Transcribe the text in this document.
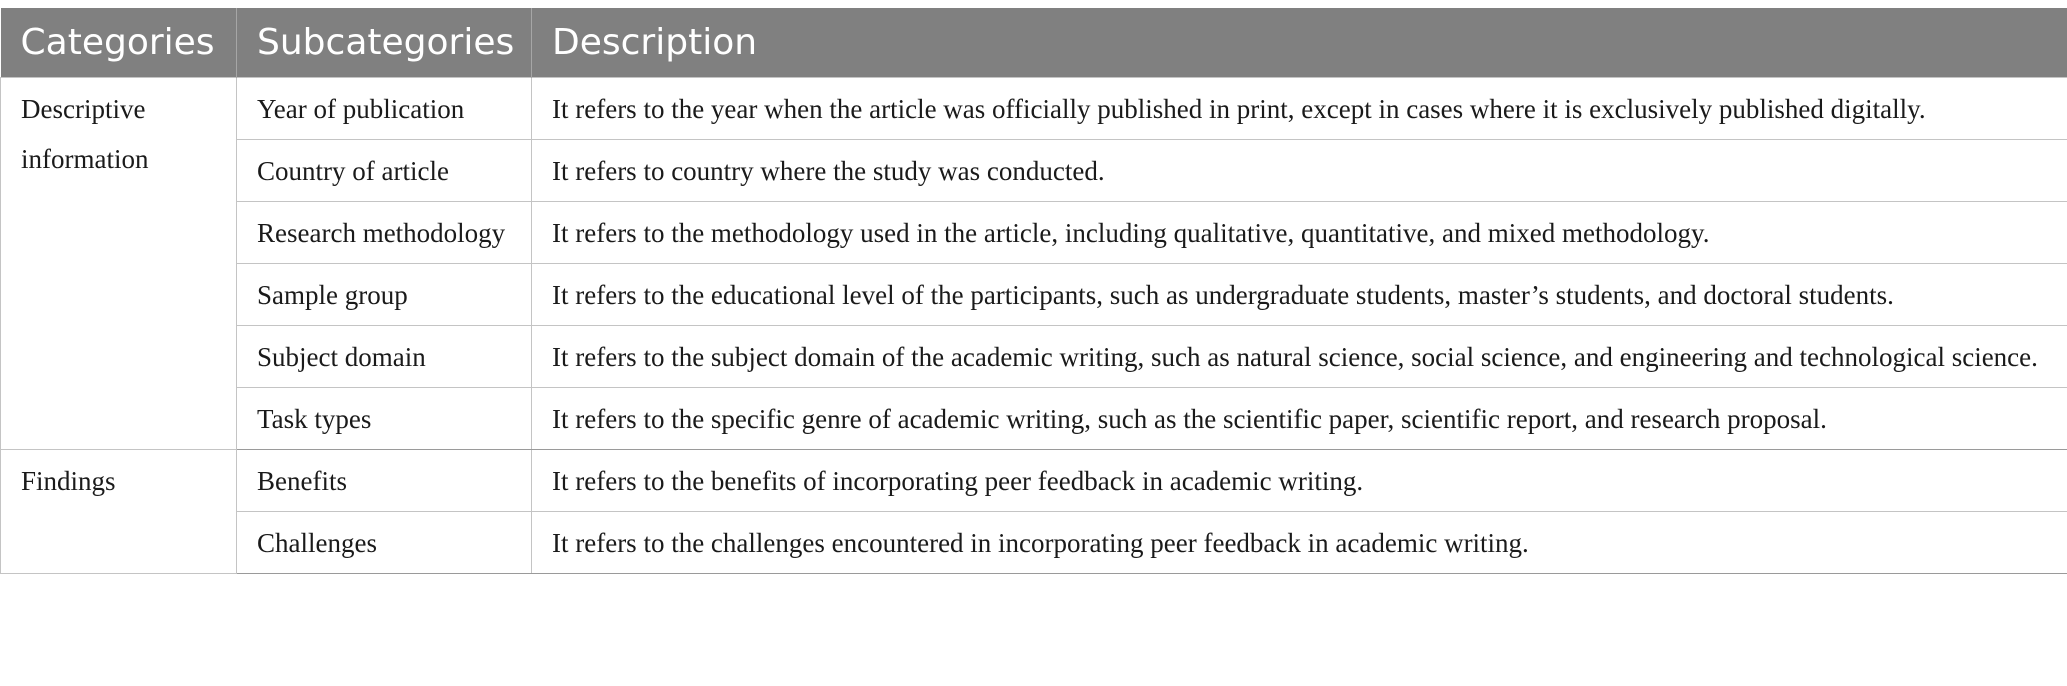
Categories	Subcategories	Description
Descriptive information	Year of publication	It refers to the year when the article was officially published in print, except in cases where it is exclusively published digitally.
	Country of article	It refers to country where the study was conducted.
	Research methodology	It refers to the methodology used in the article, including qualitative, quantitative, and mixed methodology.
	Sample group	It refers to the educational level of the participants, such as undergraduate students, master’s students, and doctoral students.
	Subject domain	It refers to the subject domain of the academic writing, such as natural science, social science, and engineering and technological science.
	Task types	It refers to the specific genre of academic writing, such as the scientific paper, scientific report, and research proposal.
Findings	Benefits	It refers to the benefits of incorporating peer feedback in academic writing.
	Challenges	It refers to the challenges encountered in incorporating peer feedback in academic writing.
